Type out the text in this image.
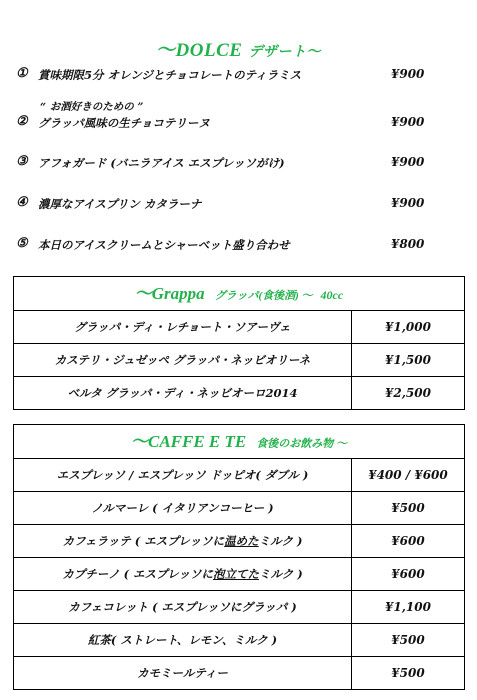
～DOLCE デザート～
① 賞味期限5分 オレンジとチョコレートのティラミス	¥900
“ お酒好きのための ”
② グラッパ風味の生チョコテリーヌ	¥900
③ アフォガード (バニラアイス エスプレッソがけ)	¥900
④ 濃厚なアイスプリン カタラーナ	¥900
⑤ 本日のアイスクリームとシャーベット盛り合わせ	¥800
～Grappa グラッパ(食後酒) ～ 40cc
グラッパ・ディ・レチョート・ソアーヴェ	¥1,000
カステリ・ジュゼッペ グラッパ・ネッビオリーネ	¥1,500
ベルタ グラッパ・ディ・ネッビオーロ2014	¥2,500
～CAFFE E TE 食後のお飲み物 ～
エスプレッソ / エスプレッソ ドッピオ( ダブル )	¥400 / ¥600
ノルマーレ ( イタリアンコーヒー )	¥500
カフェラッテ ( エスプレッソに 温めた ミルク )	¥600
カプチーノ ( エスプレッソに 泡立てた ミルク )	¥600
カフェコレット ( エスプレッソにグラッパ )	¥1,100
紅茶( ストレート、レモン、ミルク )	¥500
カモミールティー	¥500
